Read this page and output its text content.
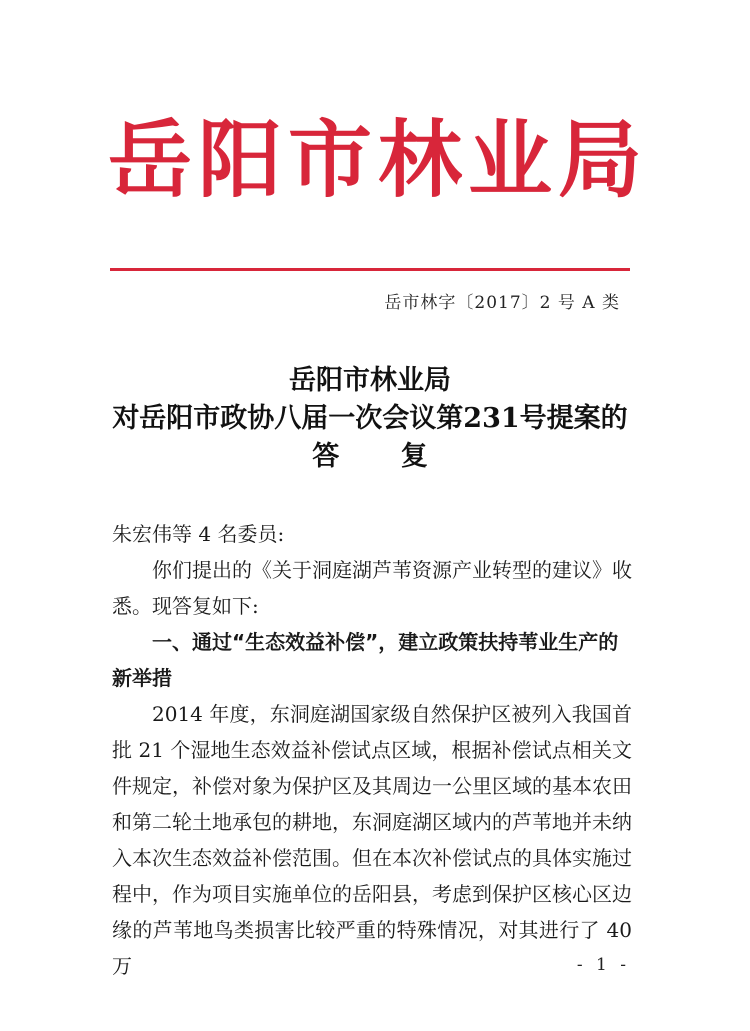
岳阳市林业局
岳市林字〔2017〕2 号 A 类
岳阳市林业局
对岳阳市政协八届一次会议第231号提案的
答 复

朱宏伟等 4 名委员:

你们提出的《关于洞庭湖芦苇资源产业转型的建议》收悉。现答复如下:

一、通过“生态效益补偿”，建立政策扶持苇业生产的新举措

2014 年度，东洞庭湖国家级自然保护区被列入我国首批 21 个湿地生态效益补偿试点区域，根据补偿试点相关文件规定，补偿对象为保护区及其周边一公里区域的基本农田和第二轮土地承包的耕地，东洞庭湖区域内的芦苇地并未纳入本次生态效益补偿范围。但在本次补偿试点的具体实施过程中，作为项目实施单位的岳阳县，考虑到保护区核心区边缘的芦苇地鸟类损害比较严重的特殊情况，对其进行了 40 万	- 1 -
